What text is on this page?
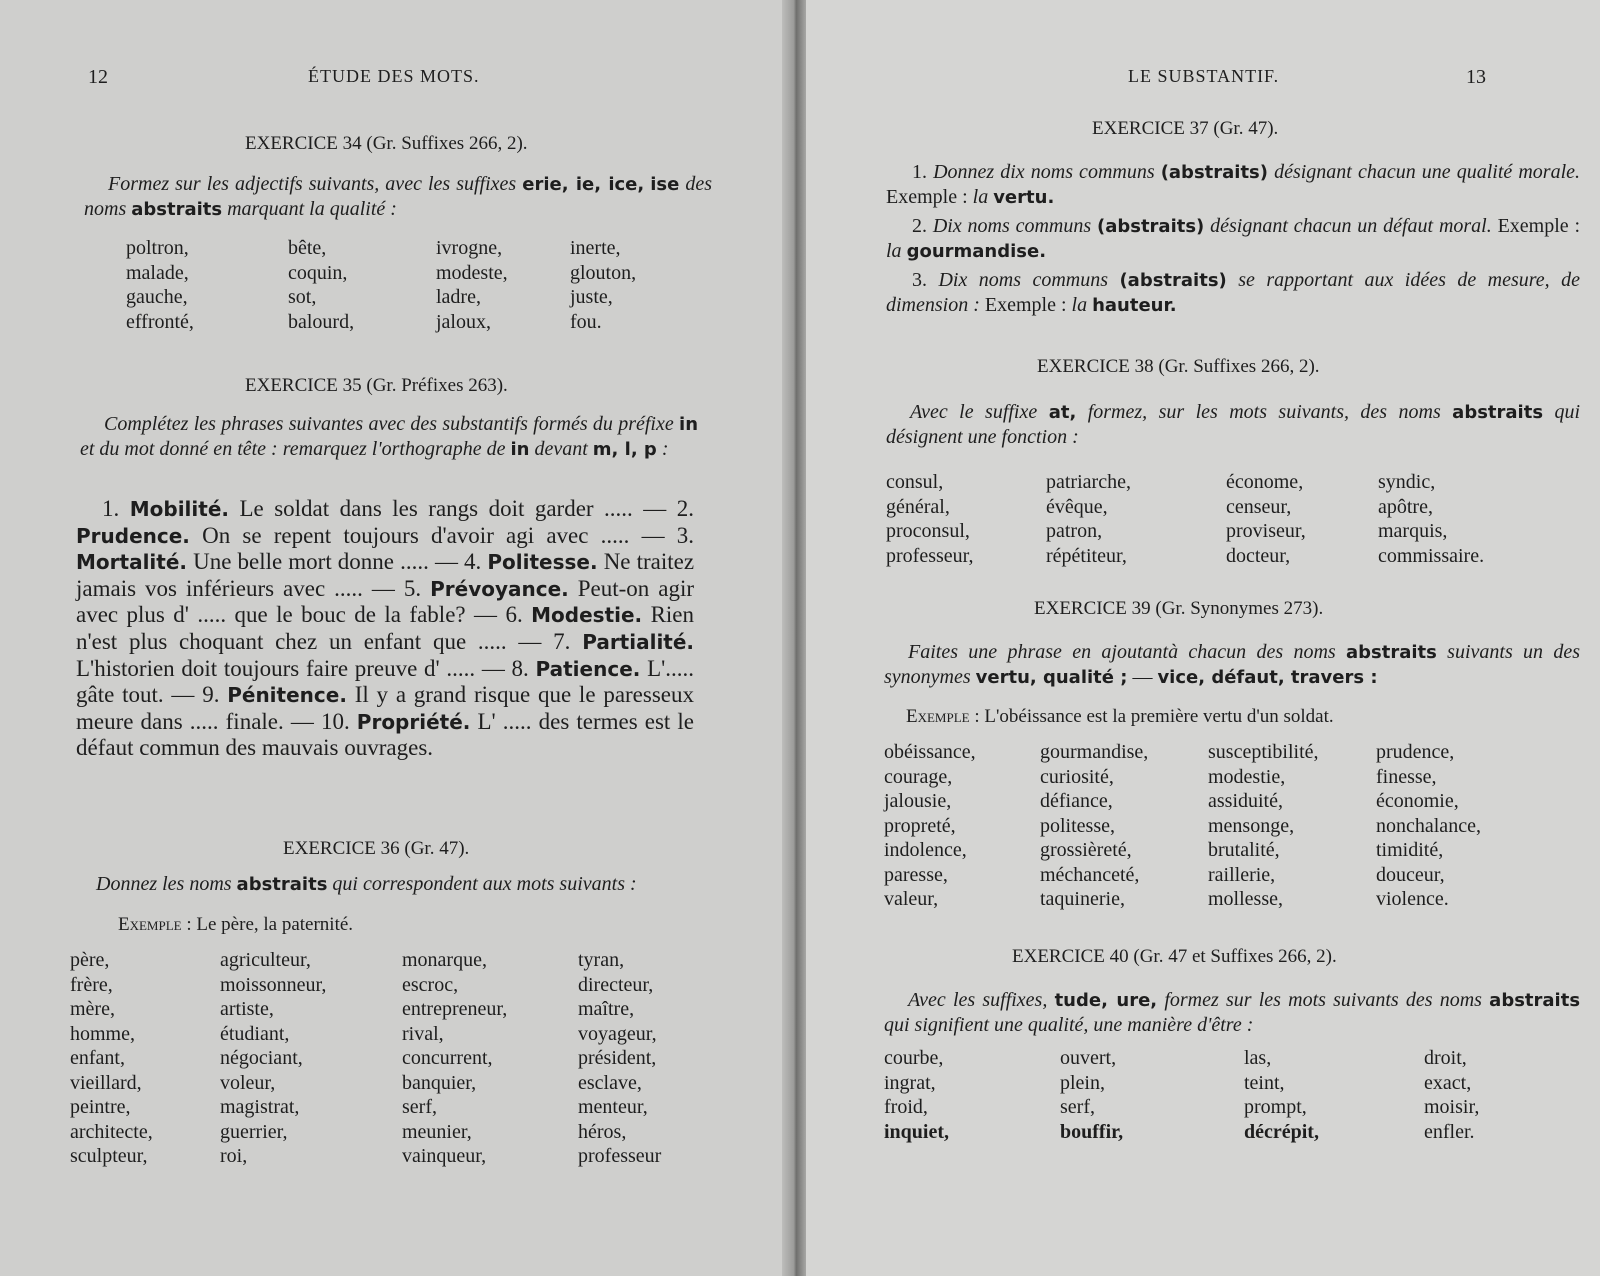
12	ÉTUDE DES MOTS.
EXERCICE 34 (Gr. Suffixes 266, 2).
Formez sur les adjectifs suivants, avec les suffixes erie, ie, ice, ise des noms abstraits marquant la qualité :
poltron,
malade,
gauche,
effronté,
bête,
coquin,
sot,
balourd,
ivrogne,
modeste,
ladre,
jaloux,
inerte,
glouton,
juste,
fou.
EXERCICE 35 (Gr. Préfixes 263).
Complétez les phrases suivantes avec des substantifs formés du préfixe in et du mot donné en tête : remarquez l'orthographe de in devant m, l, p :
1. Mobilité. Le soldat dans les rangs doit garder ..... — 2. Prudence. On se repent toujours d'avoir agi avec ..... — 3. Mortalité. Une belle mort donne ..... — 4. Politesse. Ne traitez jamais vos inférieurs avec ..... — 5. Prévoyance. Peut-on agir avec plus d' ..... que le bouc de la fable? — 6. Modestie. Rien n'est plus choquant chez un enfant que ..... — 7. Partialité. L'historien doit toujours faire preuve d' ..... — 8. Patience. L'..... gâte tout. — 9. Pénitence. Il y a grand risque que le paresseux meure dans ..... finale. — 10. Propriété. L' ..... des termes est le défaut commun des mauvais ouvrages.
EXERCICE 36 (Gr. 47).
Donnez les noms abstraits qui correspondent aux mots suivants :
Exemple : Le père, la paternité.
père,
frère,
mère,
homme,
enfant,
vieillard,
peintre,
architecte,
sculpteur,
agriculteur,
moissonneur,
artiste,
étudiant,
négociant,
voleur,
magistrat,
guerrier,
roi,
monarque,
escroc,
entrepreneur,
rival,
concurrent,
banquier,
serf,
meunier,
vainqueur,
tyran,
directeur,
maître,
voyageur,
président,
esclave,
menteur,
héros,
professeur
LE SUBSTANTIF.	13
EXERCICE 37 (Gr. 47).
1. Donnez dix noms communs (abstraits) désignant chacun une qualité morale. Exemple : la vertu.
2. Dix noms communs (abstraits) désignant chacun un défaut moral. Exemple : la gourmandise.
3. Dix noms communs (abstraits) se rapportant aux idées de mesure, de dimension : Exemple : la hauteur.
EXERCICE 38 (Gr. Suffixes 266, 2).
Avec le suffixe at, formez, sur les mots suivants, des noms abstraits qui désignent une fonction :
consul,
général,
proconsul,
professeur,
patriarche,
évêque,
patron,
répétiteur,
économe,
censeur,
proviseur,
docteur,
syndic,
apôtre,
marquis,
commissaire.
EXERCICE 39 (Gr. Synonymes 273).
Faites une phrase en ajoutantà chacun des noms abstraits suivants un des synonymes vertu, qualité ; — vice, défaut, travers :
Exemple : L'obéissance est la première vertu d'un soldat.
obéissance,
courage,
jalousie,
propreté,
indolence,
paresse,
valeur,
gourmandise,
curiosité,
défiance,
politesse,
grossièreté,
méchanceté,
taquinerie,
susceptibilité,
modestie,
assiduité,
mensonge,
brutalité,
raillerie,
mollesse,
prudence,
finesse,
économie,
nonchalance,
timidité,
douceur,
violence.
EXERCICE 40 (Gr. 47 et Suffixes 266, 2).
Avec les suffixes, tude, ure, formez sur les mots suivants des noms abstraits qui signifient une qualité, une manière d'être :
courbe,
ingrat,
froid,
inquiet,
ouvert,
plein,
serf,
bouffir,
las,
teint,
prompt,
décrépit,
droit,
exact,
moisir,
enfler.
